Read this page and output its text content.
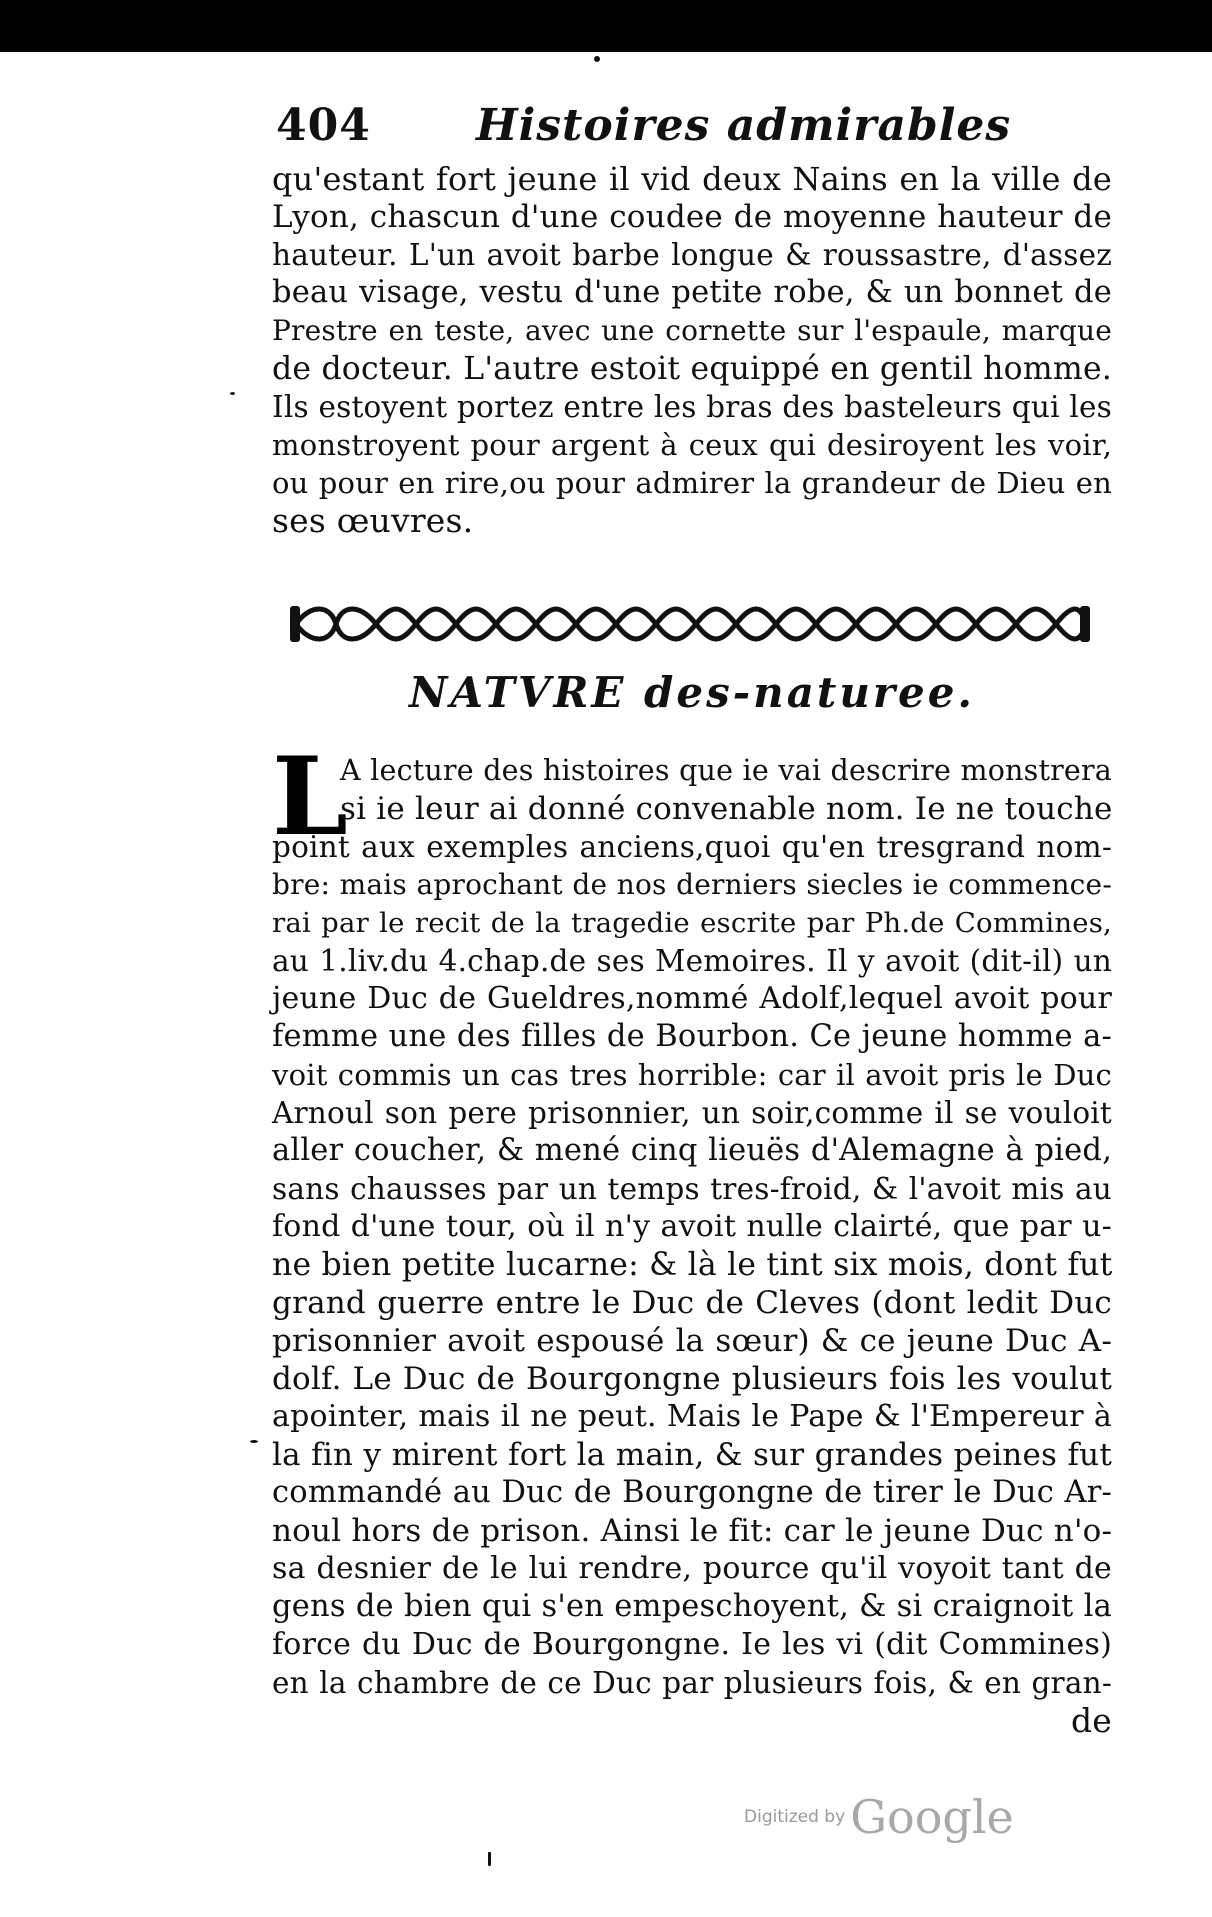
404 Histoires admirables
qu'estant fort jeune il vid deux Nains en la ville de
Lyon, chascun d'une coudee de moyenne hauteur de
hauteur. L'un avoit barbe longue & roussastre, d'assez
beau visage, vestu d'une petite robe, & un bonnet de
Prestre en teste, avec une cornette sur l'espaule, marque
de docteur. L'autre estoit equippé en gentil homme.
Ils estoyent portez entre les bras des basteleurs qui les
monstroyent pour argent à ceux qui desiroyent les voir,
ou pour en rire,ou pour admirer la grandeur de Dieu en
ses œuvres.
NATVRE des-naturee.
L
A lecture des histoires que ie vai descrire monstrera
si ie leur ai donné convenable nom. Ie ne touche
point aux exemples anciens,quoi qu'en tresgrand nom-
bre: mais aprochant de nos derniers siecles ie commence-
rai par le recit de la tragedie escrite par Ph.de Commines,
au 1.liv.du 4.chap.de ses Memoires. Il y avoit (dit-il) un
jeune Duc de Gueldres,nommé Adolf,lequel avoit pour
femme une des filles de Bourbon. Ce jeune homme a-
voit commis un cas tres horrible: car il avoit pris le Duc
Arnoul son pere prisonnier, un soir,comme il se vouloit
aller coucher, & mené cinq lieuës d'Alemagne à pied,
sans chausses par un temps tres-froid, & l'avoit mis au
fond d'une tour, où il n'y avoit nulle clairté, que par u-
ne bien petite lucarne: & là le tint six mois, dont fut
grand guerre entre le Duc de Cleves (dont ledit Duc
prisonnier avoit espousé la sœur) & ce jeune Duc A-
dolf. Le Duc de Bourgongne plusieurs fois les voulut
apointer, mais il ne peut. Mais le Pape & l'Empereur à
la fin y mirent fort la main, & sur grandes peines fut
commandé au Duc de Bourgongne de tirer le Duc Ar-
noul hors de prison. Ainsi le fit: car le jeune Duc n'o-
sa desnier de le lui rendre, pource qu'il voyoit tant de
gens de bien qui s'en empeschoyent, & si craignoit la
force du Duc de Bourgongne. Ie les vi (dit Commines)
en la chambre de ce Duc par plusieurs fois, & en gran-
de
Digitized by Google
